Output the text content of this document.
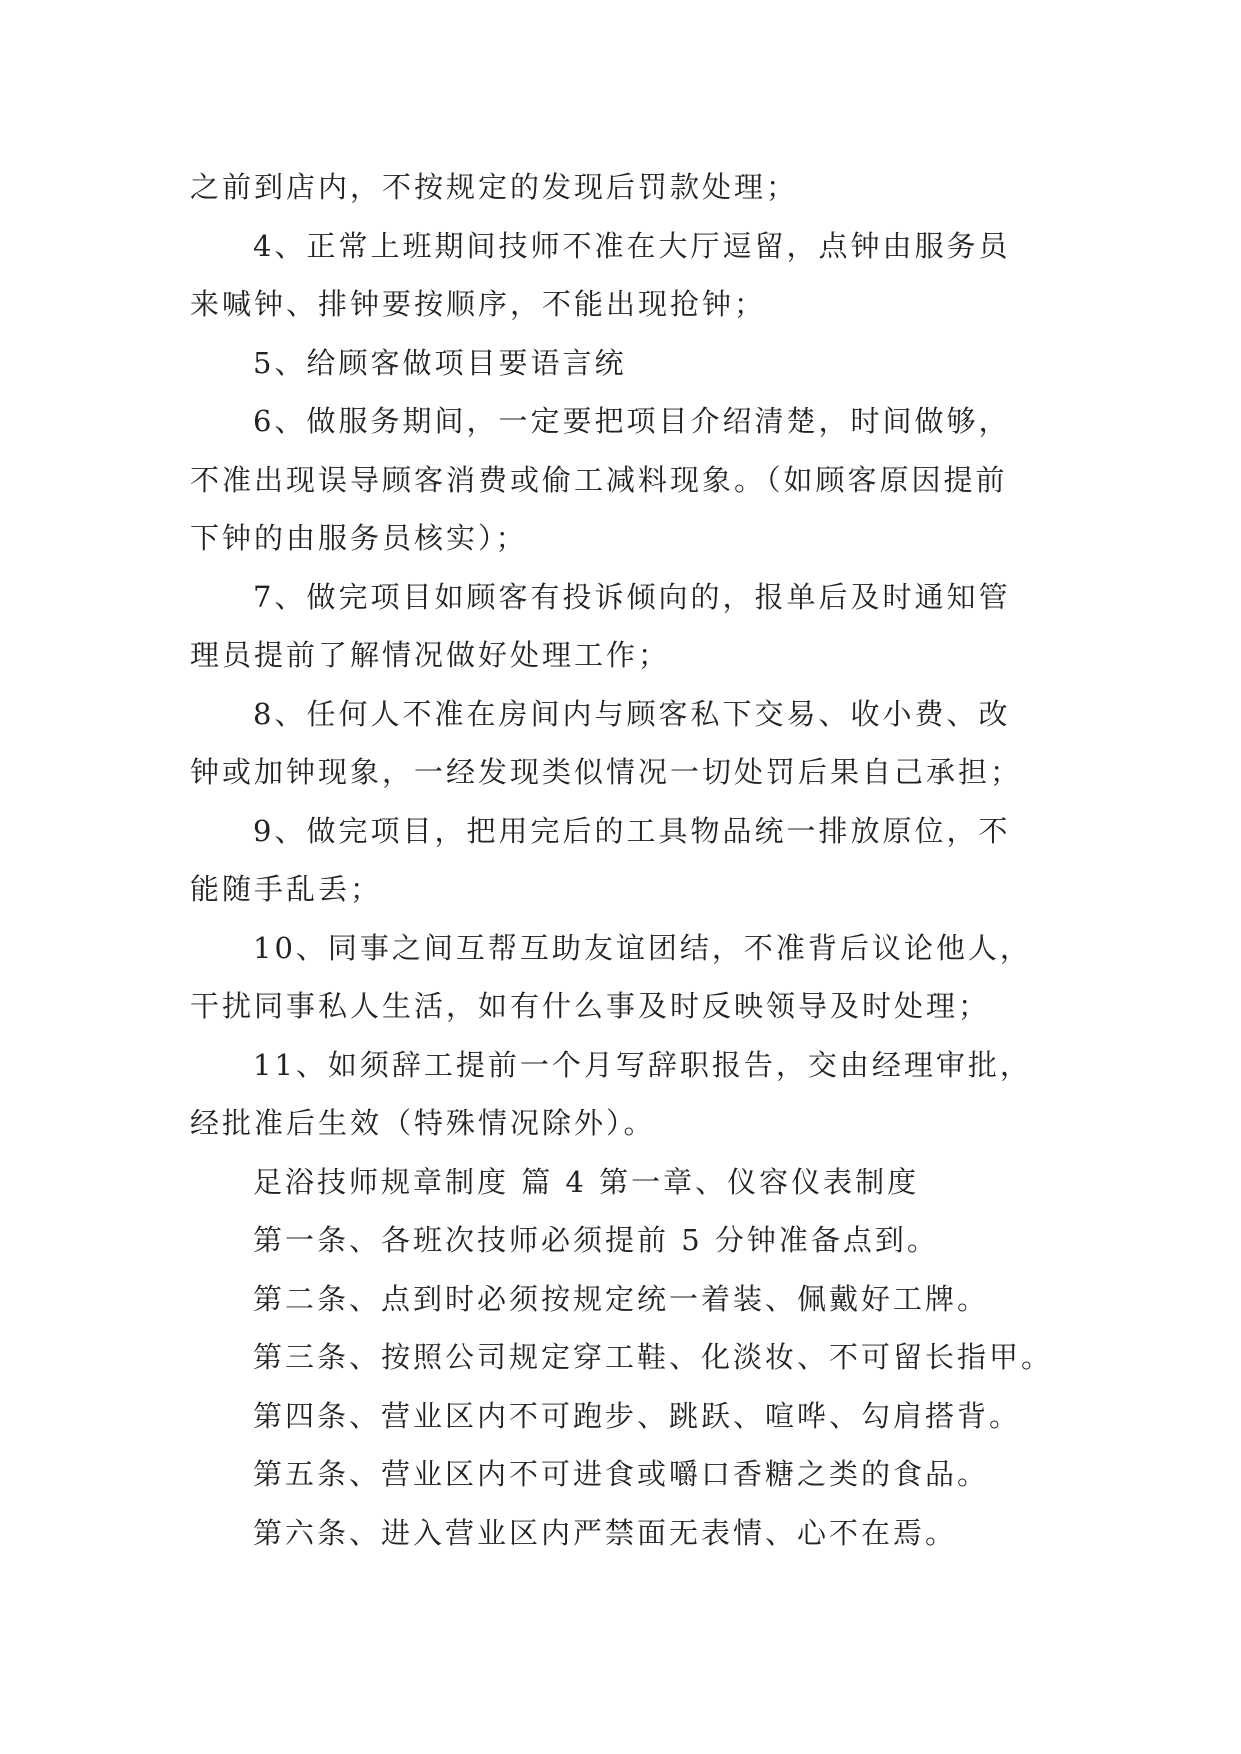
之前到店内，不按规定的发现后罚款处理；
4、正常上班期间技师不准在大厅逗留，点钟由服务员
来喊钟、排钟要按顺序，不能出现抢钟；
5、给顾客做项目要语言统
6、做服务期间，一定要把项目介绍清楚，时间做够，
不准出现误导顾客消费或偷工减料现象。（如顾客原因提前
下钟的由服务员核实）；
7、做完项目如顾客有投诉倾向的，报单后及时通知管
理员提前了解情况做好处理工作；
8、任何人不准在房间内与顾客私下交易、收小费、改
钟或加钟现象，一经发现类似情况一切处罚后果自己承担；
9、做完项目，把用完后的工具物品统一排放原位，不
能随手乱丢；
10、同事之间互帮互助友谊团结，不准背后议论他人，
干扰同事私人生活，如有什么事及时反映领导及时处理；
11、如须辞工提前一个月写辞职报告，交由经理审批，
经批准后生效（特殊情况除外）。
足浴技师规章制度 篇 4 第一章、仪容仪表制度
第一条、各班次技师必须提前 5 分钟准备点到。
第二条、点到时必须按规定统一着装、佩戴好工牌。
第三条、按照公司规定穿工鞋、化淡妆、不可留长指甲。
第四条、营业区内不可跑步、跳跃、喧哗、勾肩搭背。
第五条、营业区内不可进食或嚼口香糖之类的食品。
第六条、进入营业区内严禁面无表情、心不在焉。
